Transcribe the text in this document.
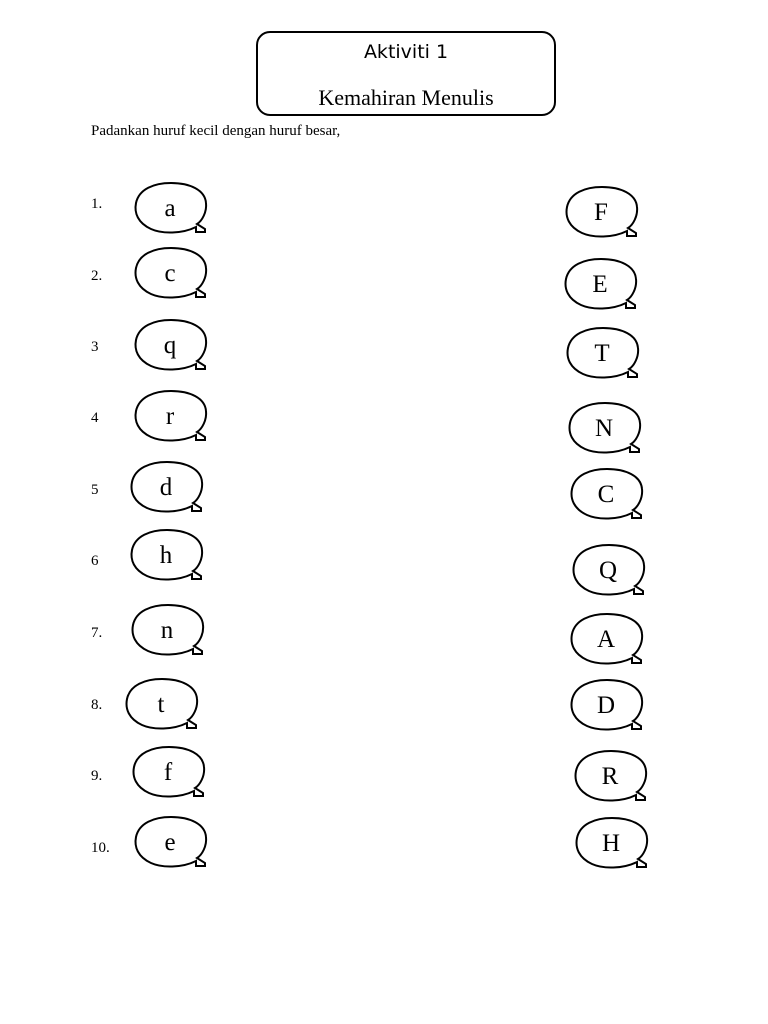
Aktiviti 1
Kemahiran Menulis
Padankan huruf kecil dengan huruf besar,
1.
2.
3
4
5
6
7.
8.
9.
10.
a
c
q
r
d
h
n
t
f
e
F
E
T
N
C
Q
A
D
R
H
